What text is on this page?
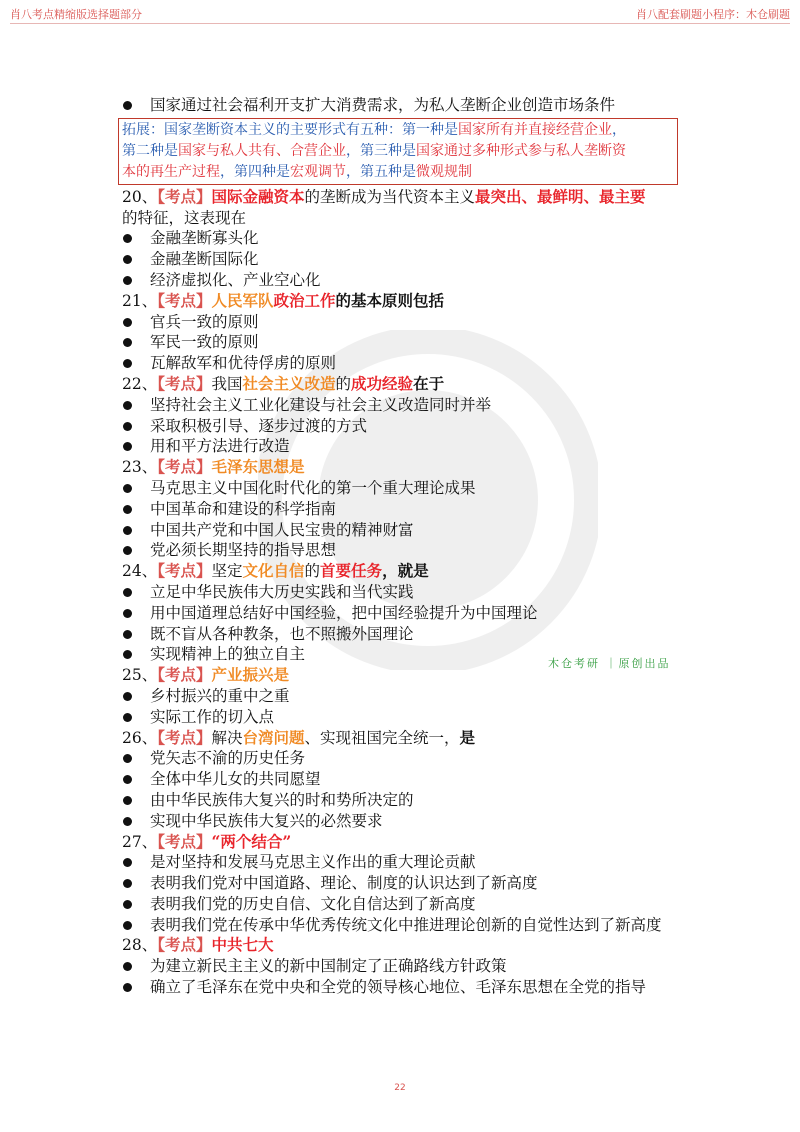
肖八考点精缩版选择题部分	肖八配套刷题小程序：木仓刷题
国家通过社会福利开支扩大消费需求，为私人垄断企业创造市场条件
拓展：国家垄断资本主义的主要形式有五种：第一种是国家所有并直接经营企业，
第二种是国家与私人共有、合营企业，第三种是国家通过多种形式参与私人垄断资
本的再生产过程，第四种是宏观调节，第五种是微观规制
20、【考点】国际金融资本的垄断成为当代资本主义最突出、最鲜明、最主要
的特征，这表现在
金融垄断寡头化
金融垄断国际化
经济虚拟化、产业空心化
21、【考点】人民军队政治工作的基本原则包括
官兵一致的原则
军民一致的原则
瓦解敌军和优待俘虏的原则
22、【考点】我国社会主义改造的成功经验在于
坚持社会主义工业化建设与社会主义改造同时并举
采取积极引导、逐步过渡的方式
用和平方法进行改造
23、【考点】毛泽东思想是
马克思主义中国化时代化的第一个重大理论成果
中国革命和建设的科学指南
中国共产党和中国人民宝贵的精神财富
党必须长期坚持的指导思想
24、【考点】坚定文化自信的首要任务，就是
立足中华民族伟大历史实践和当代实践
用中国道理总结好中国经验，把中国经验提升为中国理论
既不盲从各种教条，也不照搬外国理论
实现精神上的独立自主
25、【考点】产业振兴是
乡村振兴的重中之重
实际工作的切入点
26、【考点】解决台湾问题、实现祖国完全统一，是
党矢志不渝的历史任务
全体中华儿女的共同愿望
由中华民族伟大复兴的时和势所决定的
实现中华民族伟大复兴的必然要求
27、【考点】“两个结合”
是对坚持和发展马克思主义作出的重大理论贡献
表明我们党对中国道路、理论、制度的认识达到了新高度
表明我们党的历史自信、文化自信达到了新高度
表明我们党在传承中华优秀传统文化中推进理论创新的自觉性达到了新高度
28、【考点】中共七大
为建立新民主主义的新中国制定了正确路线方针政策
确立了毛泽东在党中央和全党的领导核心地位、毛泽东思想在全党的指导
木仓考研 ｜原创出品
22
